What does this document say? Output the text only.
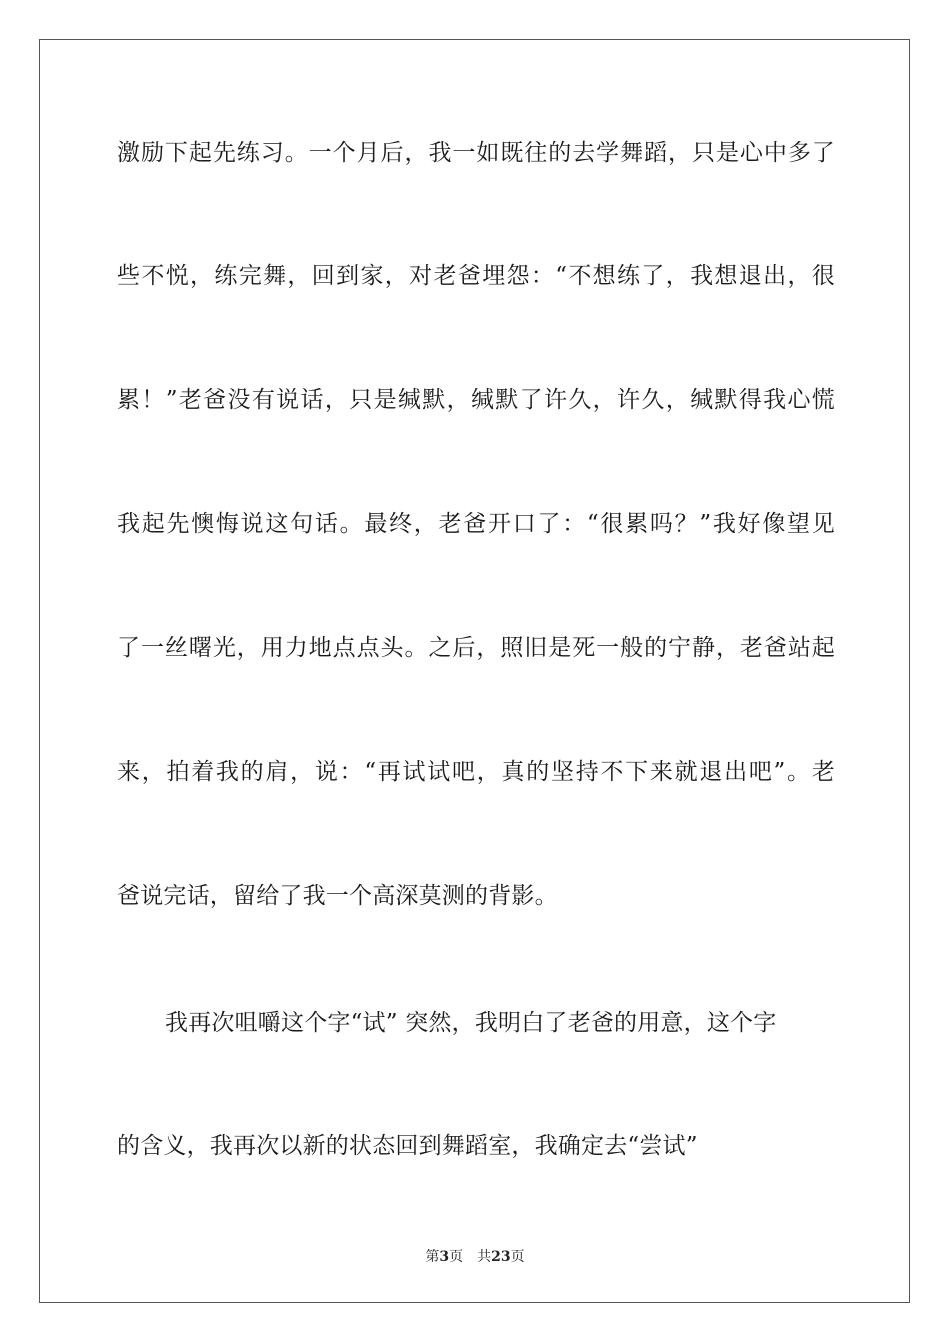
激励下起先练习。一个月后，我一如既往的去学舞蹈，只是心中多了
些不悦，练完舞，回到家，对老爸埋怨：“不想练了，我想退出，很
累！”老爸没有说话，只是缄默，缄默了许久，许久，缄默得我心慌
我起先懊悔说这句话。最终，老爸开口了：“很累吗？”我好像望见
了一丝曙光，用力地点点头。之后，照旧是死一般的宁静，老爸站起
来，拍着我的肩，说：“再试试吧，真的坚持不下来就退出吧”。老
爸说完话，留给了我一个高深莫测的背影。
我再次咀嚼这个字“试” 突然，我明白了老爸的用意，这个字
的含义，我再次以新的状态回到舞蹈室，我确定去“尝试”
第3页 共23页
